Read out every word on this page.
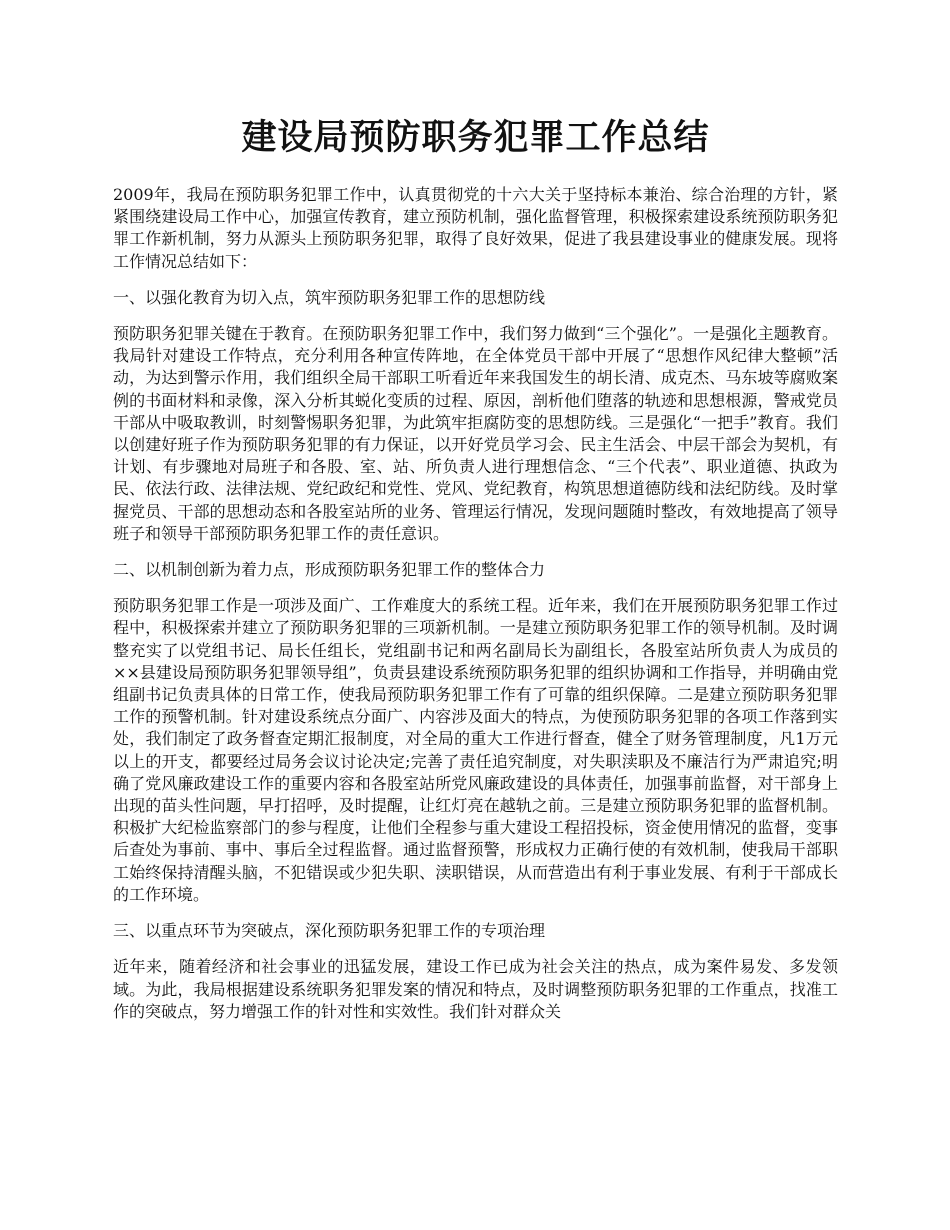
建设局预防职务犯罪工作总结

2009年，我局在预防职务犯罪工作中，认真贯彻党的十六大关于坚持标本兼治、综合治理的方针，紧紧围绕建设局工作中心，加强宣传教育，建立预防机制，强化监督管理，积极探索建设系统预防职务犯罪工作新机制，努力从源头上预防职务犯罪，取得了良好效果，促进了我县建设事业的健康发展。现将工作情况总结如下：

一、以强化教育为切入点，筑牢预防职务犯罪工作的思想防线

预防职务犯罪关键在于教育。在预防职务犯罪工作中，我们努力做到“三个强化”。一是强化主题教育。我局针对建设工作特点，充分利用各种宣传阵地，在全体党员干部中开展了“思想作风纪律大整顿”活动，为达到警示作用，我们组织全局干部职工听看近年来我国发生的胡长清、成克杰、马东坡等腐败案例的书面材料和录像，深入分析其蜕化变质的过程、原因，剖析他们堕落的轨迹和思想根源，警戒党员干部从中吸取教训，时刻警惕职务犯罪，为此筑牢拒腐防变的思想防线。三是强化“一把手”教育。我们以创建好班子作为预防职务犯罪的有力保证，以开好党员学习会、民主生活会、中层干部会为契机，有计划、有步骤地对局班子和各股、室、站、所负责人进行理想信念、“三个代表”、职业道德、执政为民、依法行政、法律法规、党纪政纪和党性、党风、党纪教育，构筑思想道德防线和法纪防线。及时掌握党员、干部的思想动态和各股室站所的业务、管理运行情况，发现问题随时整改，有效地提高了领导班子和领导干部预防职务犯罪工作的责任意识。

二、以机制创新为着力点，形成预防职务犯罪工作的整体合力

预防职务犯罪工作是一项涉及面广、工作难度大的系统工程。近年来，我们在开展预防职务犯罪工作过程中，积极探索并建立了预防职务犯罪的三项新机制。一是建立预防职务犯罪工作的领导机制。及时调整充实了以党组书记、局长任组长，党组副书记和两名副局长为副组长，各股室站所负责人为成员的××县建设局预防职务犯罪领导组”，负责县建设系统预防职务犯罪的组织协调和工作指导，并明确由党组副书记负责具体的日常工作，使我局预防职务犯罪工作有了可靠的组织保障。二是建立预防职务犯罪工作的预警机制。针对建设系统点分面广、内容涉及面大的特点，为使预防职务犯罪的各项工作落到实处，我们制定了政务督查定期汇报制度，对全局的重大工作进行督查，健全了财务管理制度，凡1万元以上的开支，都要经过局务会议讨论决定;完善了责任追究制度，对失职渎职及不廉洁行为严肃追究;明确了党风廉政建设工作的重要内容和各股室站所党风廉政建设的具体责任，加强事前监督，对干部身上出现的苗头性问题，早打招呼，及时提醒，让红灯亮在越轨之前。三是建立预防职务犯罪的监督机制。积极扩大纪检监察部门的参与程度，让他们全程参与重大建设工程招投标，资金使用情况的监督，变事后查处为事前、事中、事后全过程监督。通过监督预警，形成权力正确行使的有效机制，使我局干部职工始终保持清醒头脑，不犯错误或少犯失职、渎职错误，从而营造出有利于事业发展、有利于干部成长的工作环境。

三、以重点环节为突破点，深化预防职务犯罪工作的专项治理

近年来，随着经济和社会事业的迅猛发展，建设工作已成为社会关注的热点，成为案件易发、多发领域。为此，我局根据建设系统职务犯罪发案的情况和特点，及时调整预防职务犯罪的工作重点，找准工作的突破点，努力增强工作的针对性和实效性。我们针对群众关
